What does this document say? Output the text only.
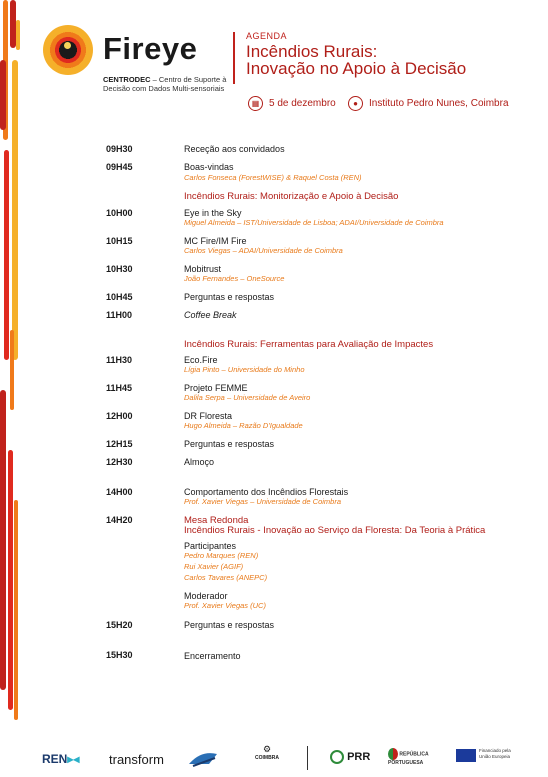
Fireye
CENTRODEC – Centro de Suporte à Decisão com Dados Multi-sensoriais
AGENDA
Incêndios Rurais:
Inovação no Apoio à Decisão
▦ 5 de dezembro	●	Instituto Pedro Nunes, Coimbra
09H30	Receção aos convidados
09H45	Boas-vindas
Carlos Fonseca (ForestWISE) & Raquel Costa (REN)
Incêndios Rurais: Monitorização e Apoio à Decisão
10H00	Eye in the Sky
Miguel Almeida – IST/Universidade de Lisboa; ADAI/Universidade de Coimbra
10H15	MC Fire/IM Fire
Carlos Viegas – ADAI/Universidade de Coimbra
10H30	Mobitrust
João Fernandes – OneSource
10H45	Perguntas e respostas
11H00	Coffee Break
Incêndios Rurais: Ferramentas para Avaliação de Impactes
11H30	Eco.Fire
Lígia Pinto – Universidade do Minho
11H45	Projeto FEMME
Dalila Serpa – Universidade de Aveiro
12H00	DR Floresta
Hugo Almeida – Razão D'Igualdade
12H15	Perguntas e respostas
12H30	Almoço
14H00	Comportamento dos Incêndios Florestais
Prof. Xavier Viegas – Universidade de Coimbra
14H20	Mesa Redonda
Incêndios Rurais - Inovação ao Serviço da Floresta: Da Teoria à Prática
Participantes
Pedro Marques (REN)
Rui Xavier (AGIF)
Carlos Tavares (ANEPC)
Moderador
Prof. Xavier Viegas (UC)
15H20	Perguntas e respostas
15H30	Encerramento
REN▸◂ transform
⚙
COIMBRA	PRR	REPÚBLICA PORTUGUESA
Financiado pela União Europeia
